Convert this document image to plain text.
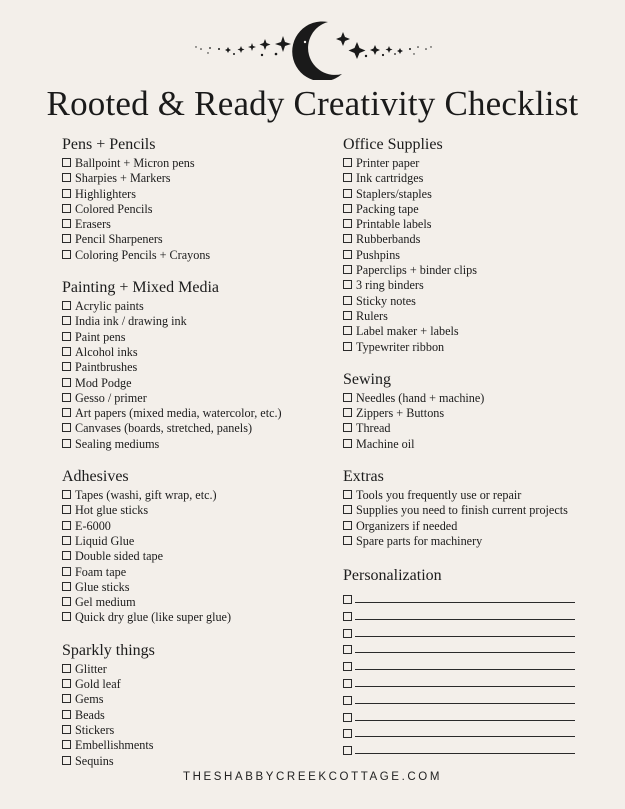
Rooted & Ready Creativity Checklist
Pens + Pencils
Ballpoint + Micron pens
Sharpies + Markers
Highlighters
Colored Pencils
Erasers
Pencil Sharpeners
Coloring Pencils + Crayons
Painting + Mixed Media
Acrylic paints
India ink / drawing ink
Paint pens
Alcohol inks
Paintbrushes
Mod Podge
Gesso / primer
Art papers (mixed media, watercolor, etc.)
Canvases (boards, stretched, panels)
Sealing mediums
Adhesives
Tapes (washi, gift wrap, etc.)
Hot glue sticks
E-6000
Liquid Glue
Double sided tape
Foam tape
Glue sticks
Gel medium
Quick dry glue (like super glue)
Sparkly things
Glitter
Gold leaf
Gems
Beads
Stickers
Embellishments
Sequins
Office Supplies
Printer paper
Ink cartridges
Staplers/staples
Packing tape
Printable labels
Rubberbands
Pushpins
Paperclips + binder clips
3 ring binders
Sticky notes
Rulers
Label maker + labels
Typewriter ribbon
Sewing
Needles (hand + machine)
Zippers + Buttons
Thread
Machine oil
Extras
Tools you frequently use or repair
Supplies you need to finish current projects
Organizers if needed
Spare parts for machinery
Personalization
THESHABBYCREEKCOTTAGE.COM
